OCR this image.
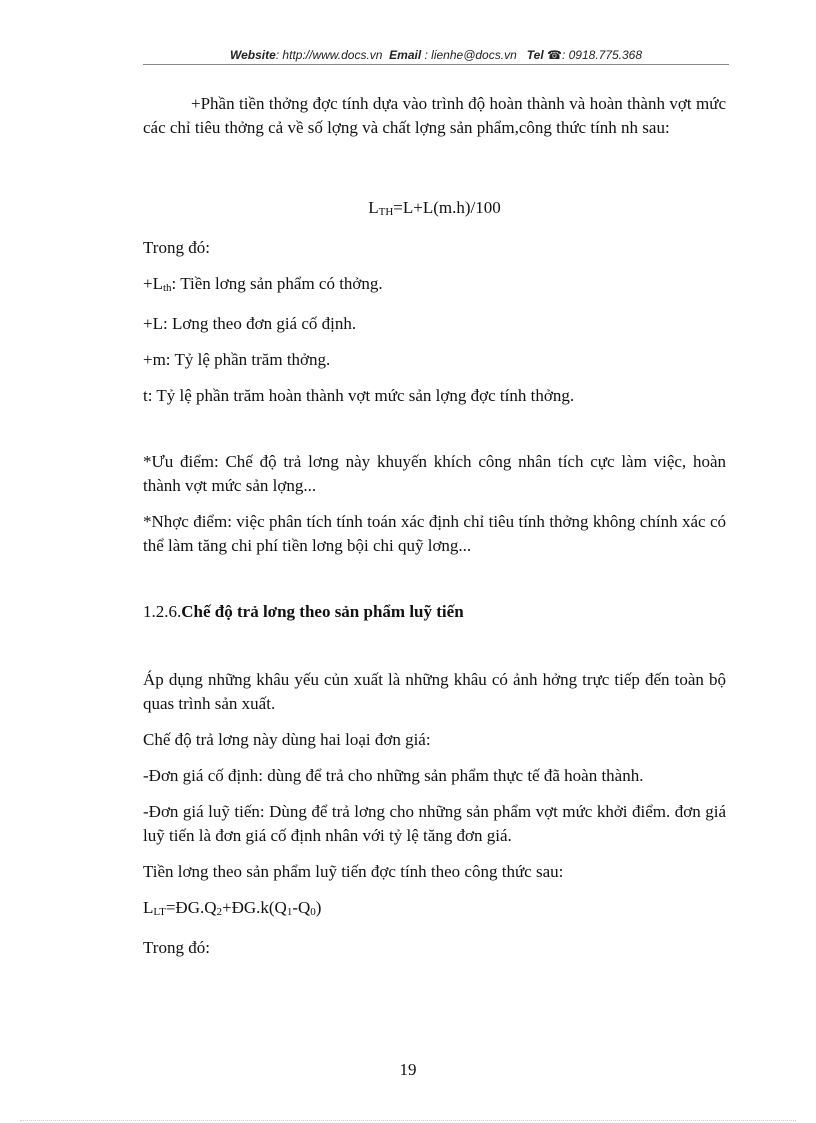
Website: http://www.docs.vn Email : lienhe@docs.vn Tel ☎: 0918.775.368

+Phần tiền thởng đợc tính dựa vào trình độ hoàn thành và hoàn thành vợt mức các chỉ tiêu thởng cả về số lợng và chất lợng sản phẩm,công thức tính nh sau:

LTH=L+L(m.h)/100

Trong đó:

+Lth: Tiền lơng sản phẩm có thởng.

+L: Lơng theo đơn giá cố định.

+m: Tỷ lệ phần trăm thởng.

t: Tỷ lệ phần trăm hoàn thành vợt mức sản lợng đợc tính thởng.

*Ưu điểm: Chế độ trả lơng này khuyến khích công nhân tích cực làm việc, hoàn thành vợt mức sản lợng...

*Nhợc điểm: việc phân tích tính toán xác định chỉ tiêu tính thởng không chính xác có thể làm tăng chi phí tiền lơng bội chi quỹ lơng...

1.2.6.Chế độ trả lơng theo sản phẩm luỹ tiến

Áp dụng những khâu yếu củn xuất là những khâu có ảnh hởng trực tiếp đến toàn bộ quas trình sản xuất.

Chế độ trả lơng này dùng hai loại đơn giá:

-Đơn giá cố định: dùng để trả cho những sản phẩm thực tế đã hoàn thành.

-Đơn giá luỹ tiến: Dùng để trả lơng cho những sản phẩm vợt mức khởi điểm. đơn giá luỹ tiến là đơn giá cố định nhân với tỷ lệ tăng đơn giá.

Tiền lơng theo sản phẩm luỹ tiến đợc tính theo công thức sau:

LLT=ĐG.Q2+ĐG.k(Q1-Q0)

Trong đó:

19
